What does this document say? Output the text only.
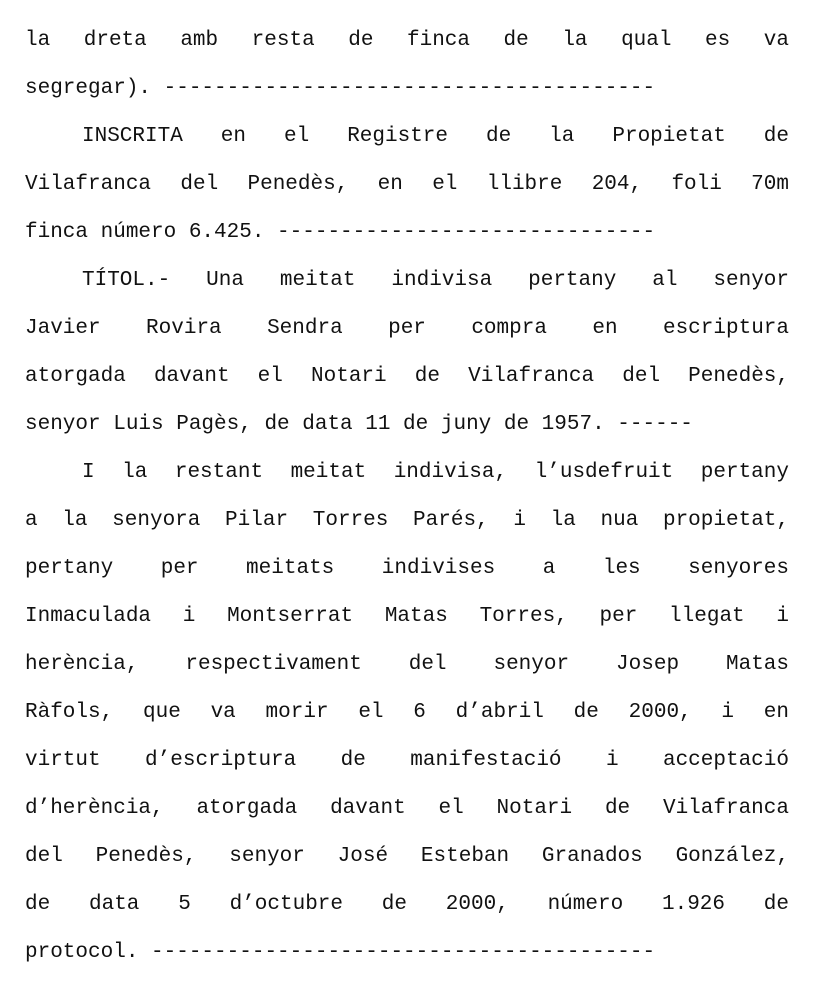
la dreta amb resta de finca de la qual es va
segregar). ---------------------------------------
INSCRITA en el Registre de la Propietat de
Vilafranca del Penedès, en el llibre 204, foli 70m
finca número 6.425. ------------------------------
TÍTOL.- Una meitat indivisa pertany al senyor
Javier Rovira Sendra per compra en escriptura
atorgada davant el Notari de Vilafranca del Penedès,
senyor Luis Pagès, de data 11 de juny de 1957. ------
I la restant meitat indivisa, l’usdefruit pertany
a la senyora Pilar Torres Parés, i la nua propietat,
pertany per meitats indivises a les senyores
Inmaculada i Montserrat Matas Torres, per llegat i
herència, respectivament del senyor Josep Matas
Ràfols, que va morir el 6 d’abril de 2000, i en
virtut d’escriptura de manifestació i acceptació
d’herència, atorgada davant el Notari de Vilafranca
del Penedès, senyor José Esteban Granados González,
de data 5 d’octubre de 2000, número 1.926 de
protocol. ----------------------------------------
